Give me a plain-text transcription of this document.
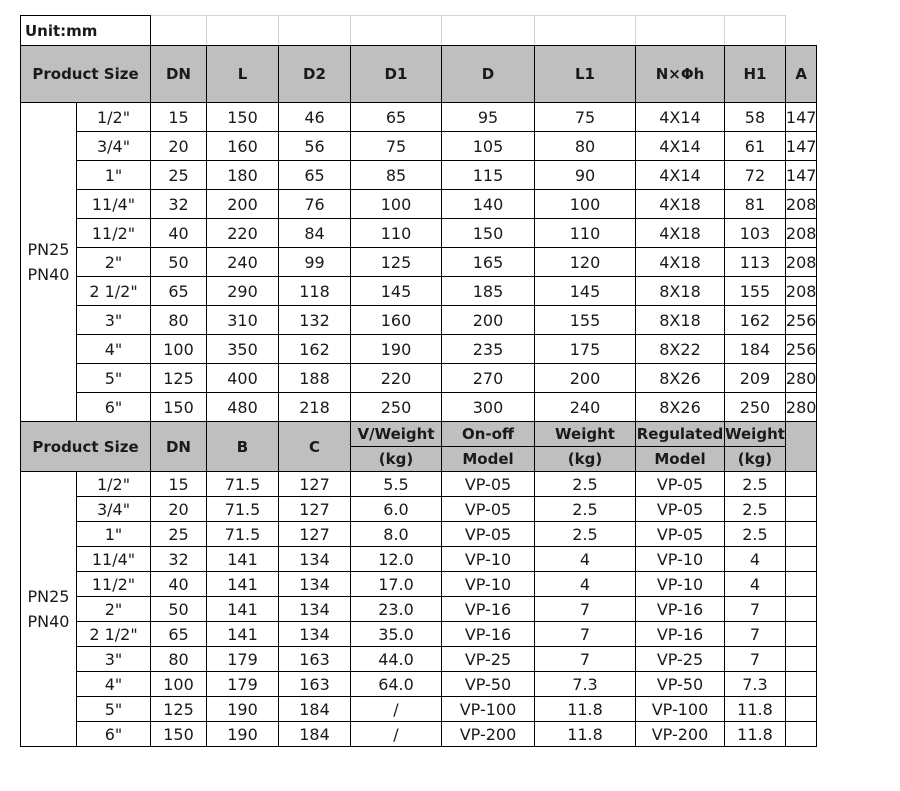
Unit:mm										
Product Size		DN	L	D2	D1	D	L1	N×Φh	H1	A

PN25
PN40	1/2"	15	150	46	65	95	75	4X14	58	147
	3/4"	20	160	56	75	105	80	4X14	61	147
	1"	25	180	65	85	115	90	4X14	72	147
	11/4"	32	200	76	100	140	100	4X18	81	208
	11/2"	40	220	84	110	150	110	4X18	103	208
	2"	50	240	99	125	165	120	4X18	113	208
	2 1/2"	65	290	118	145	185	145	8X18	155	208
	3"	80	310	132	160	200	155	8X18	162	256
	4"	100	350	162	190	235	175	8X22	184	256
	5"	125	400	188	220	270	200	8X26	209	280
	6"	150	480	218	250	300	240	8X26	250	280
Product Size		DN	B	C	V/Weight	On-off	Weight	Regulated	Weight	
					(kg)	Model	(kg)	Model	(kg)	

PN25
PN40	1/2"	15	71.5	127	5.5	VP-05	2.5	VP-05	2.5	
	3/4"	20	71.5	127	6.0	VP-05	2.5	VP-05	2.5	
	1"	25	71.5	127	8.0	VP-05	2.5	VP-05	2.5	
	11/4"	32	141	134	12.0	VP-10	4	VP-10	4	
	11/2"	40	141	134	17.0	VP-10	4	VP-10	4	
	2"	50	141	134	23.0	VP-16	7	VP-16	7	
	2 1/2"	65	141	134	35.0	VP-16	7	VP-16	7	
	3"	80	179	163	44.0	VP-25	7	VP-25	7	
	4"	100	179	163	64.0	VP-50	7.3	VP-50	7.3	
	5"	125	190	184	/	VP-100	11.8	VP-100	11.8	
	6"	150	190	184	/	VP-200	11.8	VP-200	11.8	
